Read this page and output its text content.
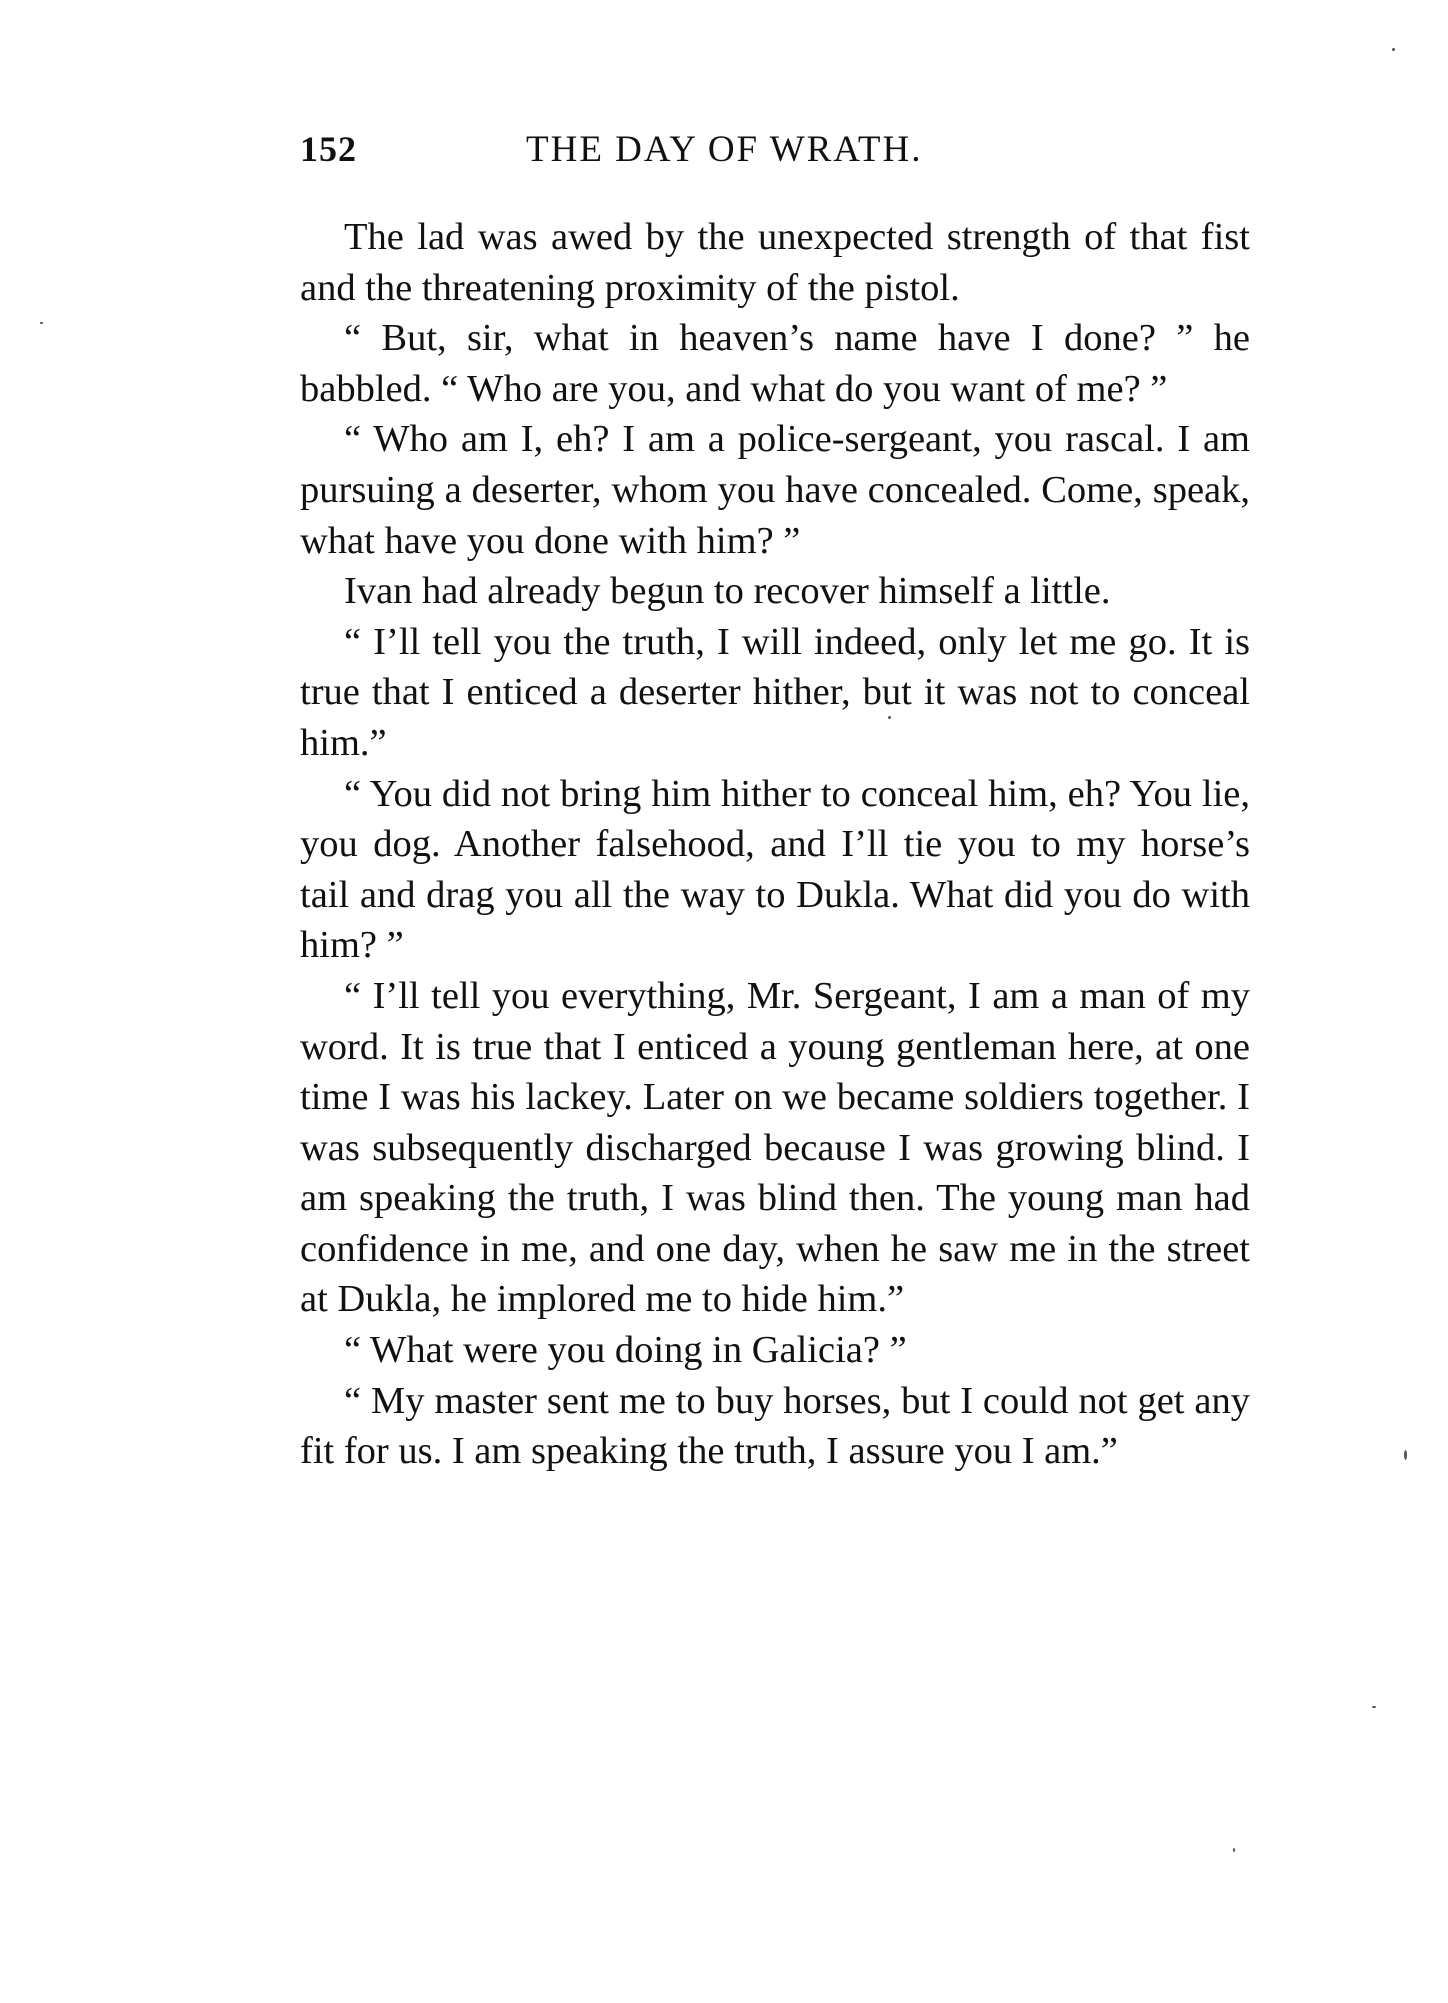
152	THE DAY OF WRATH.

The lad was awed by the unexpected strength of that fist and the threatening proximity of the pistol.

“ But, sir, what in heaven’s name have I done? ” he babbled. “ Who are you, and what do you want of me? ”

“ Who am I, eh? I am a police-sergeant, you rascal. I am pursuing a deserter, whom you have concealed. Come, speak, what have you done with him? ”

Ivan had already begun to recover himself a little.

“ I’ll tell you the truth, I will indeed, only let me go. It is true that I enticed a deserter hither, but it was not to conceal him.”

“ You did not bring him hither to conceal him, eh? You lie, you dog. Another falsehood, and I’ll tie you to my horse’s tail and drag you all the way to Dukla. What did you do with him? ”

“ I’ll tell you everything, Mr. Sergeant, I am a man of my word. It is true that I enticed a young gentleman here, at one time I was his lackey. Later on we became soldiers together. I was subsequently discharged because I was growing blind. I am speaking the truth, I was blind then. The young man had confidence in me, and one day, when he saw me in the street at Dukla, he implored me to hide him.”

“ What were you doing in Galicia? ”

“ My master sent me to buy horses, but I could not get any fit for us. I am speaking the truth, I assure you I am.”
